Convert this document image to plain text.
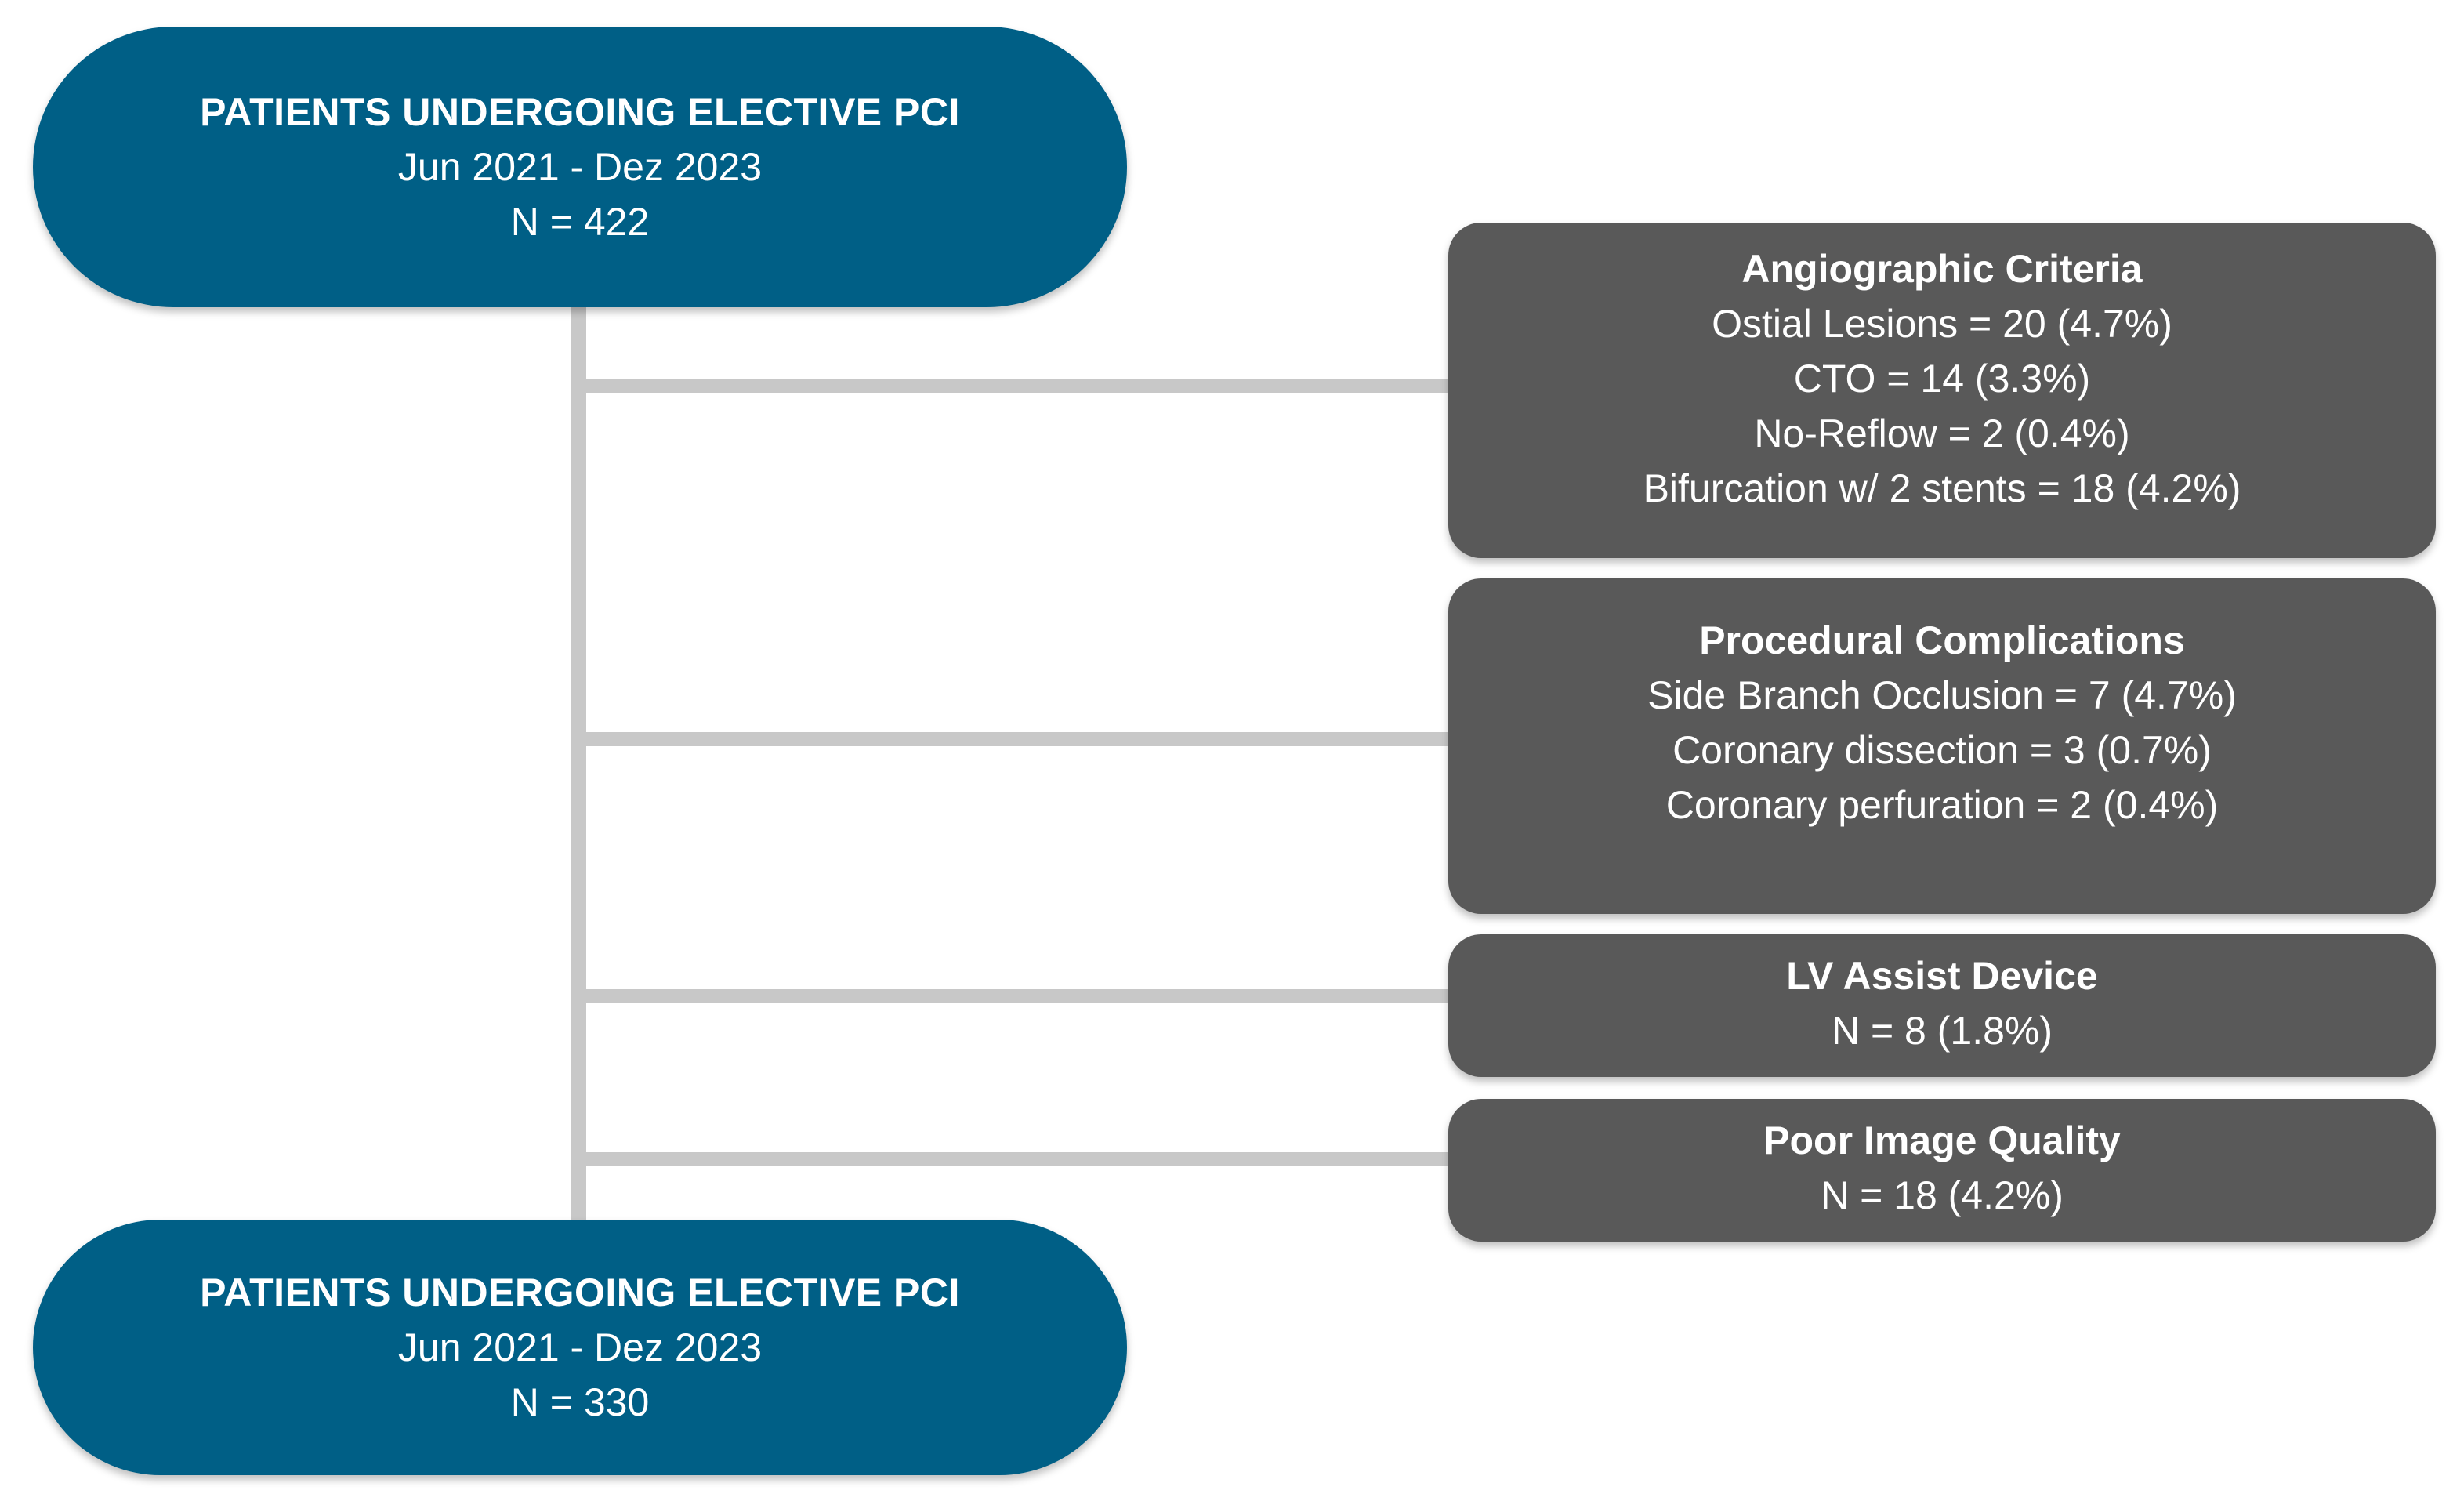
PATIENTS UNDERGOING ELECTIVE PCI
Jun 2021 - Dez 2023
N = 422
Angiographic Criteria
Ostial Lesions = 20 (4.7%)
CTO = 14 (3.3%)
No-Reflow = 2 (0.4%)
Bifurcation w/ 2 stents = 18 (4.2%)
Procedural Complications
Side Branch Occlusion = 7 (4.7%)
Coronary dissection = 3 (0.7%)
Coronary perfuration = 2 (0.4%)
LV Assist Device
N = 8 (1.8%)
Poor Image Quality
N = 18 (4.2%)
PATIENTS UNDERGOING ELECTIVE PCI
Jun 2021 - Dez 2023
N = 330
